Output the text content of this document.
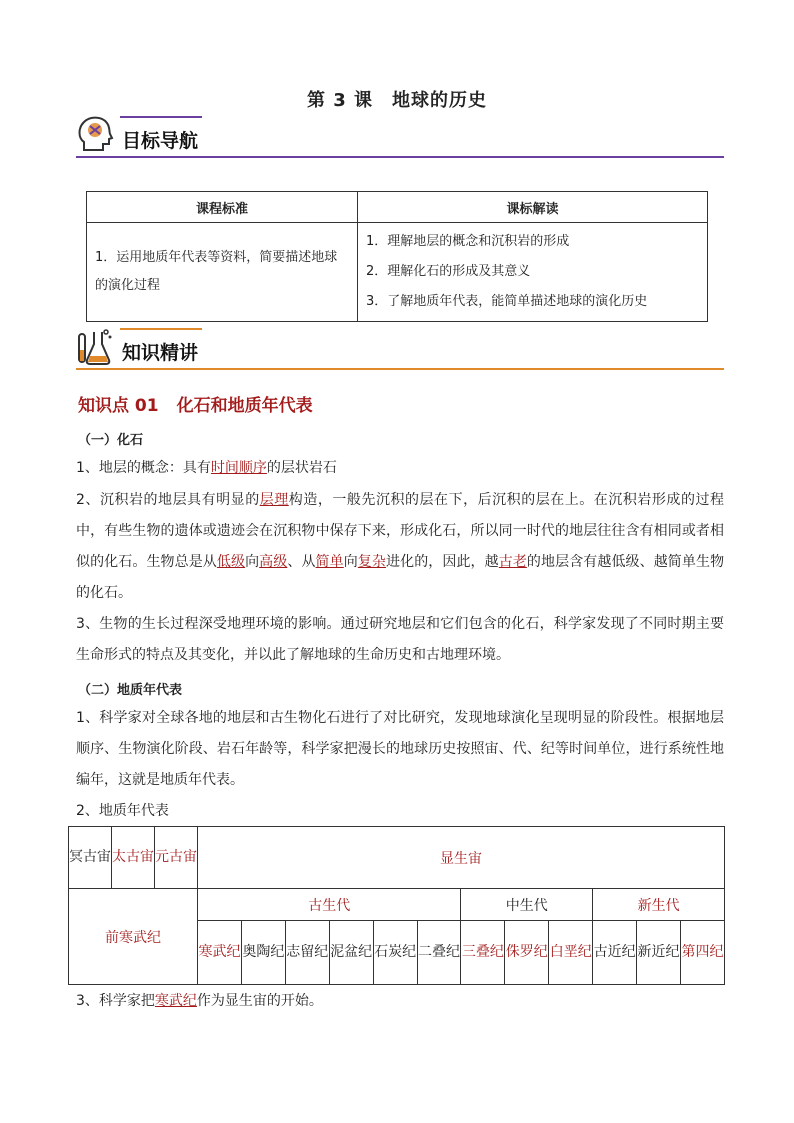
第 3 课　地球的历史
目标导航
课程标准	课标解读
1．运用地质年代表等资料，简要描述地球的演化过程	1．理解地层的概念和沉积岩的形成
2．理解化石的形成及其意义
3．了解地质年代表，能简单描述地球的演化历史
知识精讲
知识点 01 化石和地质年代表
（一）化石
1、地层的概念：具有时间顺序的层状岩石
2、沉积岩的地层具有明显的层理构造，一般先沉积的层在下，后沉积的层在上。在沉积岩形成的过程中，有些生物的遗体或遗迹会在沉积物中保存下来，形成化石，所以同一时代的地层往往含有相同或者相似的化石。生物总是从低级向高级、从简单向复杂进化的，因此，越古老的地层含有越低级、越简单生物的化石。
3、生物的生长过程深受地理环境的影响。通过研究地层和它们包含的化石，科学家发现了不同时期主要生命形式的特点及其变化，并以此了解地球的生命历史和古地理环境。
（二）地质年代表
1、科学家对全球各地的地层和古生物化石进行了对比研究，发现地球演化呈现明显的阶段性。根据地层顺序、生物演化阶段、岩石年龄等，科学家把漫长的地球历史按照宙、代、纪等时间单位，进行系统性地编年，这就是地质年代表。
2、地质年代表
冥古宙	太古宙	元古宙	显生宙											
前寒武纪			古生代						中生代			新生代		
			寒武纪	奥陶纪	志留纪	泥盆纪	石炭纪	二叠纪	三叠纪	侏罗纪	白垩纪	古近纪	新近纪	第四纪
3、科学家把寒武纪作为显生宙的开始。
